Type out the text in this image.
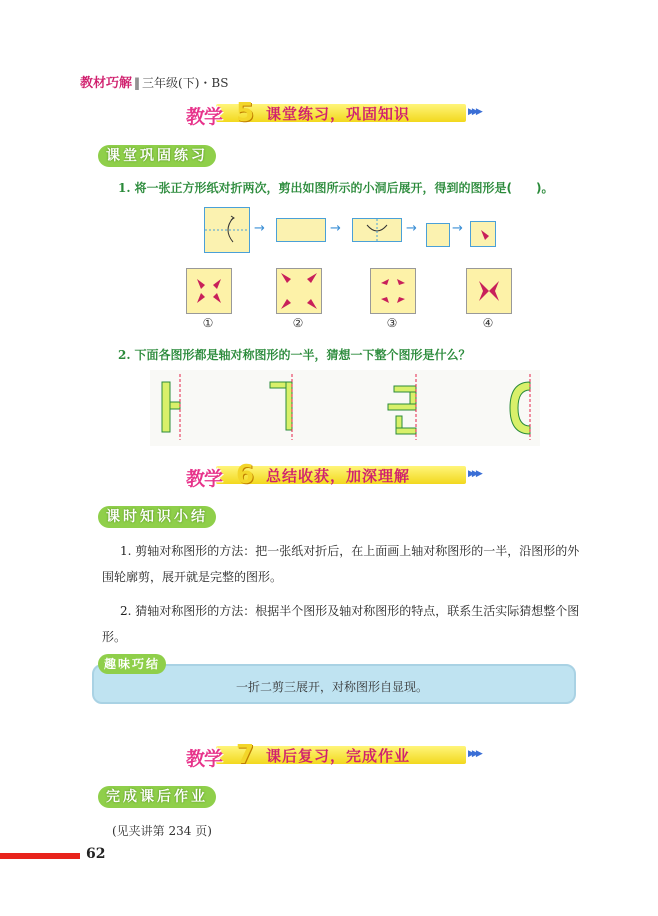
教材巧解 ‖ 三年级(下)・BS
教学 5 课堂练习，巩固知识	▶▶▶
课堂巩固练习
1. 将一张正方形纸对折两次，剪出如图所示的小洞后展开，得到的图形是(　　)。
→	→	→	→
①	②	③	④
2. 下面各图形都是轴对称图形的一半，猜想一下整个图形是什么？
教学 6 总结收获，加深理解	▶▶▶
课时知识小结
1. 剪轴对称图形的方法：把一张纸对折后，在上面画上轴对称图形的一半，沿图形的外围轮廓剪，展开就是完整的图形。
2. 猜轴对称图形的方法：根据半个图形及轴对称图形的特点，联系生活实际猜想整个图形。
趣味巧结
一折二剪三展开，对称图形自显现。
教学 7 课后复习，完成作业	▶▶▶
完成课后作业
(见夹讲第 234 页)
62
